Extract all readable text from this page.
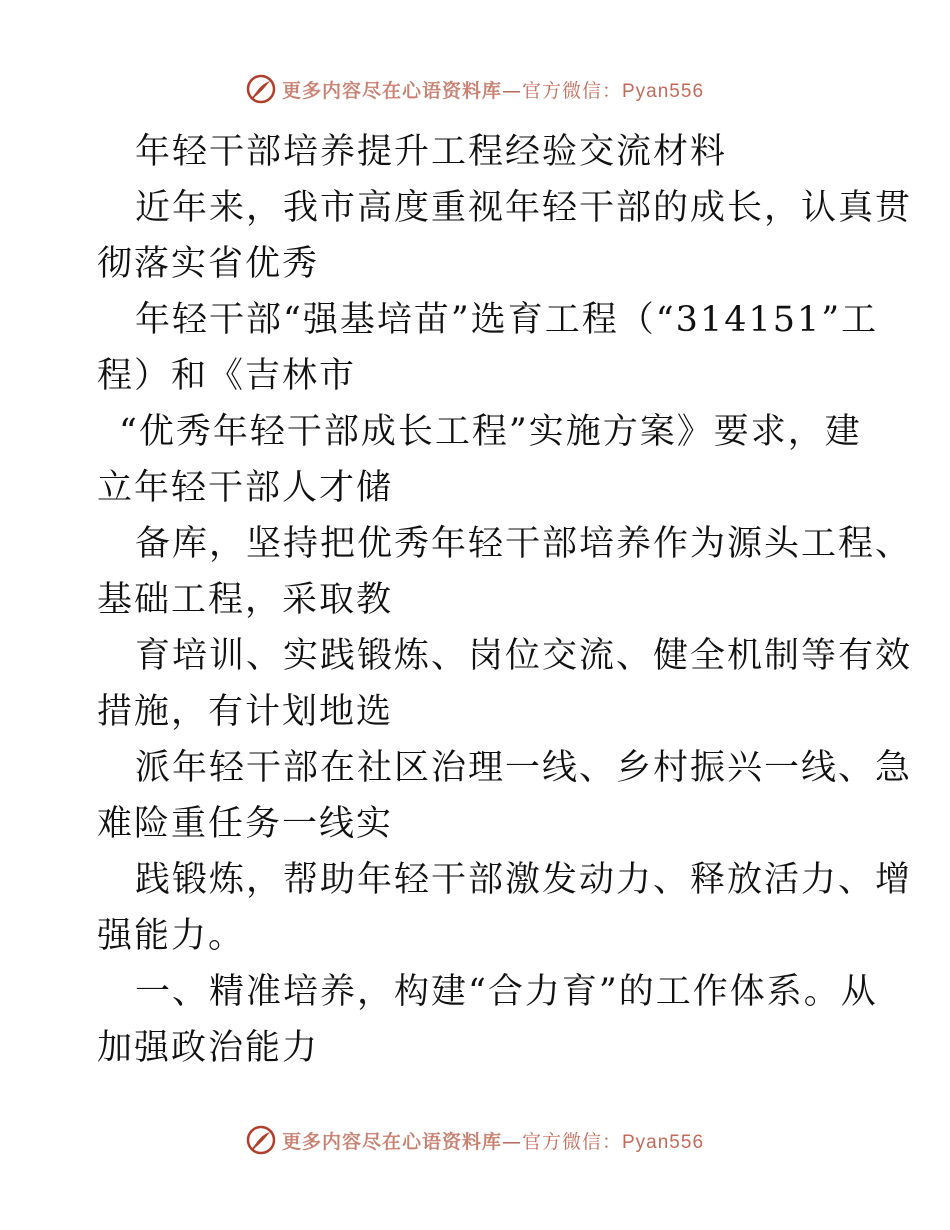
更多内容尽在心语资料库—官方微信：Pyan556
年轻干部培养提升工程经验交流材料
近年来，我市高度重视年轻干部的成长，认真贯
彻落实省优秀
年轻干部“强基培苗”选育工程（“314151”工
程）和《吉林市
“优秀年轻干部成长工程”实施方案》要求，建
立年轻干部人才储
备库，坚持把优秀年轻干部培养作为源头工程、
基础工程，采取教
育培训、实践锻炼、岗位交流、健全机制等有效
措施，有计划地选
派年轻干部在社区治理一线、乡村振兴一线、急
难险重任务一线实
践锻炼，帮助年轻干部激发动力、释放活力、增
强能力。
一、精准培养，构建“合力育”的工作体系。从
加强政治能力
更多内容尽在心语资料库—官方微信：Pyan556
